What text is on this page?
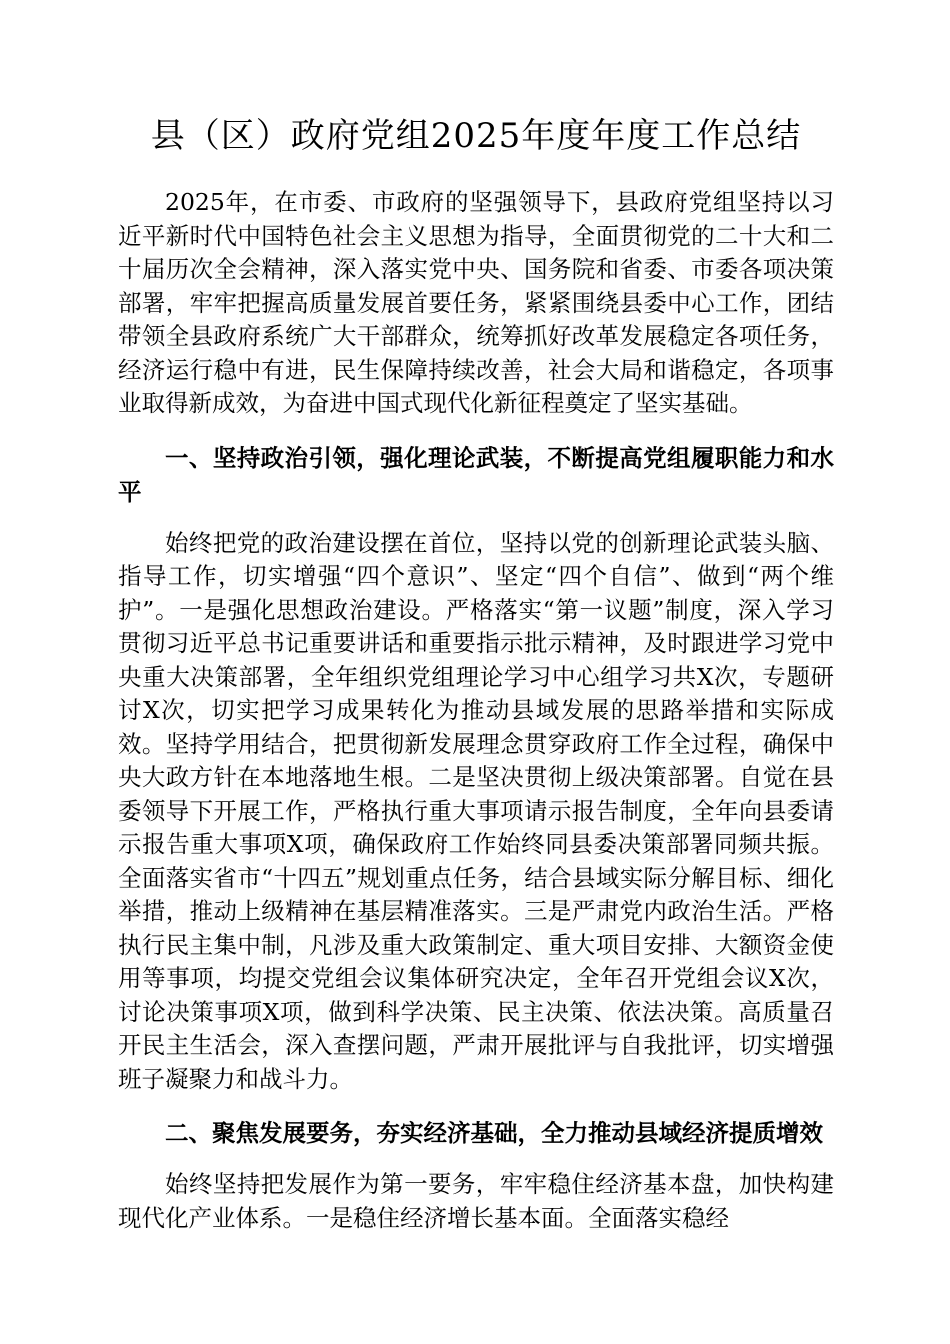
县（区）政府党组2025年度年度工作总结

2025年，在市委、市政府的坚强领导下，县政府党组坚持以习近平新时代中国特色社会主义思想为指导，全面贯彻党的二十大和二十届历次全会精神，深入落实党中央、国务院和省委、市委各项决策部署，牢牢把握高质量发展首要任务，紧紧围绕县委中心工作，团结带领全县政府系统广大干部群众，统筹抓好改革发展稳定各项任务，经济运行稳中有进，民生保障持续改善，社会大局和谐稳定，各项事业取得新成效，为奋进中国式现代化新征程奠定了坚实基础。

一、坚持政治引领，强化理论武装，不断提高党组履职能力和水平

始终把党的政治建设摆在首位，坚持以党的创新理论武装头脑、指导工作，切实增强“四个意识”、坚定“四个自信”、做到“两个维护”。一是强化思想政治建设。严格落实“第一议题”制度，深入学习贯彻习近平总书记重要讲话和重要指示批示精神，及时跟进学习党中央重大决策部署，全年组织党组理论学习中心组学习共X次，专题研讨X次，切实把学习成果转化为推动县域发展的思路举措和实际成效。坚持学用结合，把贯彻新发展理念贯穿政府工作全过程，确保中央大政方针在本地落地生根。二是坚决贯彻上级决策部署。自觉在县委领导下开展工作，严格执行重大事项请示报告制度，全年向县委请示报告重大事项X项，确保政府工作始终同县委决策部署同频共振。全面落实省市“十四五”规划重点任务，结合县域实际分解目标、细化举措，推动上级精神在基层精准落实。三是严肃党内政治生活。严格执行民主集中制，凡涉及重大政策制定、重大项目安排、大额资金使用等事项，均提交党组会议集体研究决定，全年召开党组会议X次，讨论决策事项X项，做到科学决策、民主决策、依法决策。高质量召开民主生活会，深入查摆问题，严肃开展批评与自我批评，切实增强班子凝聚力和战斗力。

二、聚焦发展要务，夯实经济基础，全力推动县域经济提质增效

始终坚持把发展作为第一要务，牢牢稳住经济基本盘，加快构建现代化产业体系。一是稳住经济增长基本面。全面落实稳经
